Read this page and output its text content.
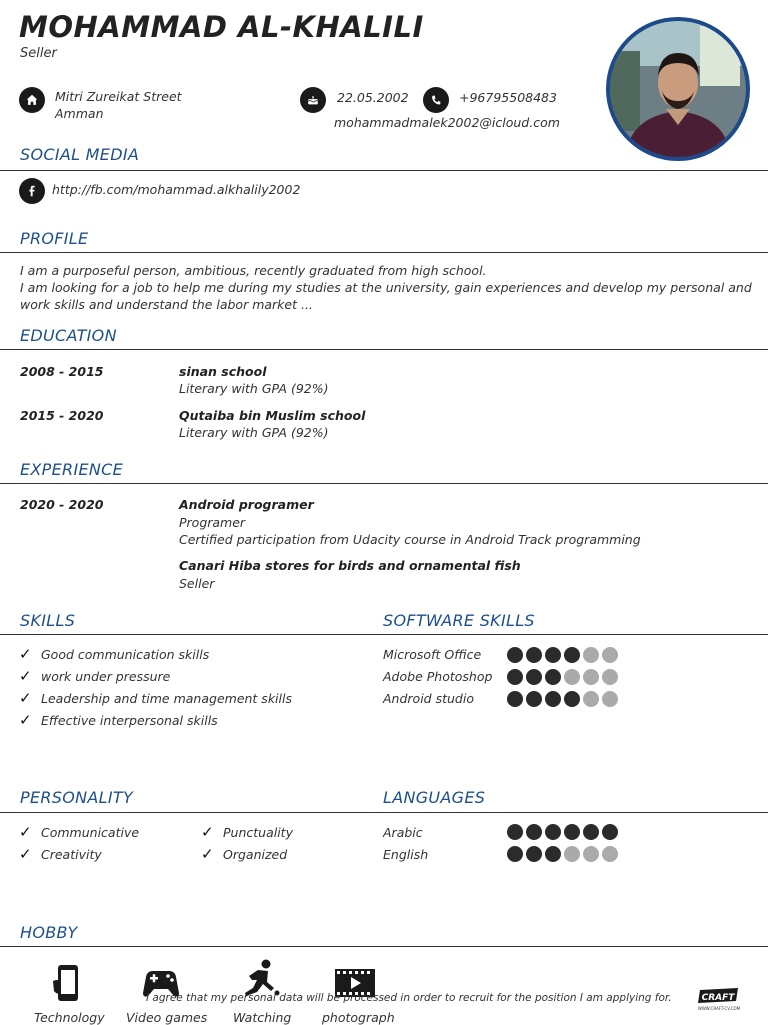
MOHAMMAD AL-KHALILI
Seller
Mitri Zureikat Street
Amman
22.05.2002	+96795508483
mohammadmalek2002@icloud.com
SOCIAL MEDIA
http://fb.com/mohammad.alkhalily2002
PROFILE
I am a purposeful person, ambitious, recently graduated from high school.
I am looking for a job to help me during my studies at the university, gain experiences and develop my personal and work skills and understand the labor market ...
EDUCATION
2008 - 2015	sinan school
Literary with GPA (92%)
2015 - 2020	Qutaiba bin Muslim school
Literary with GPA (92%)
EXPERIENCE
2020 - 2020	Android programer
Programer
Certified participation from Udacity course in Android Track programming
Canari Hiba stores for birds and ornamental fish
Seller
SKILLS	SOFTWARE SKILLS
✓ Good communication skills
✓ work under pressure
✓ Leadership and time management skills
✓ Effective interpersonal skills
Microsoft Office
Adobe Photoshop
Android studio
PERSONALITY	LANGUAGES
✓ Communicative	✓ Punctuality
✓ Creativity	✓ Organized
Arabic
English
HOBBY
Technology Video games Watching photograph
I agree that my personal data will be processed in order to recruit for the position I am applying for.	CRAFT
WWW.CRAFT-CV.COM
